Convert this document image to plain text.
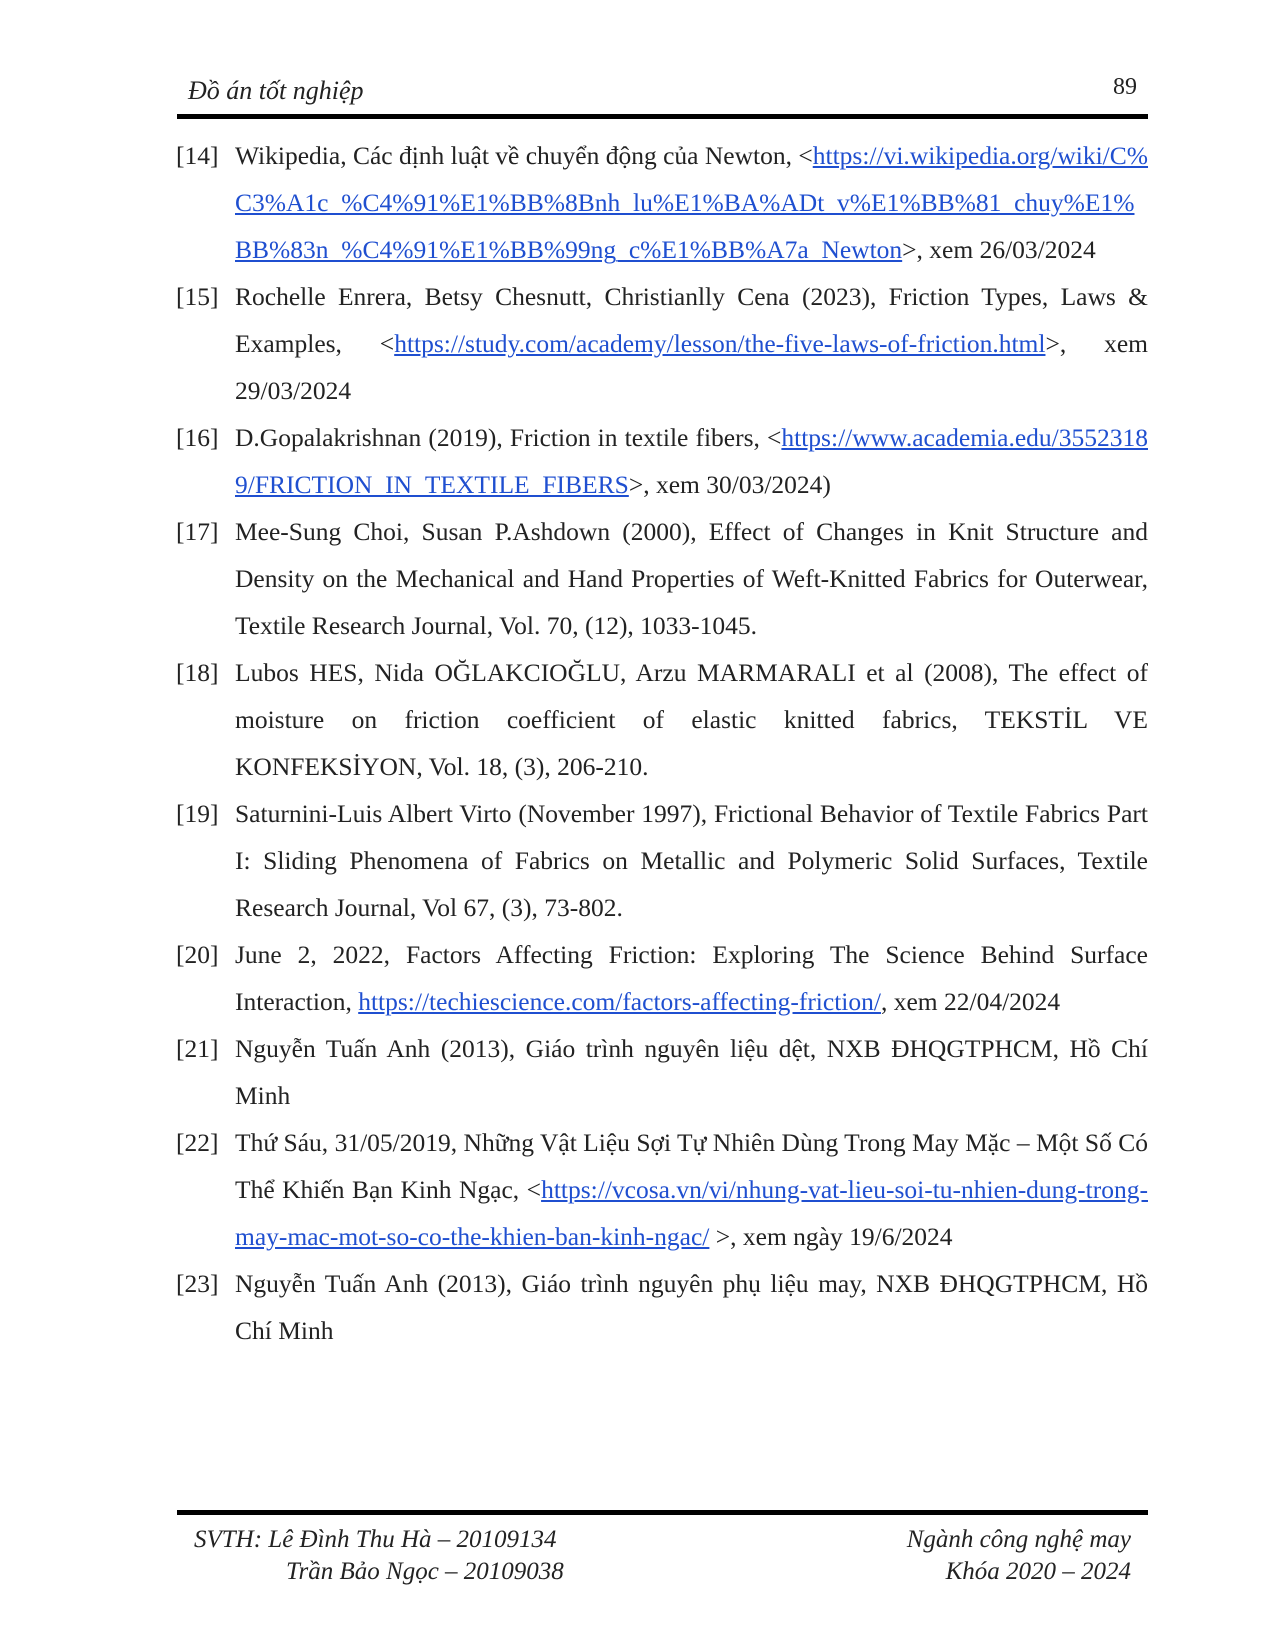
Đồ án tốt nghiệp	89

[14] Wikipedia, Các định luật về chuyển động của Newton, <https://vi.wikipedia.org/wiki/C%C3%A1c_%C4%91%E1%BB%8Bnh_lu%E1%BA%ADt_v%E1%BB%81_chuy%E1%BB%83n_%C4%91%E1%BB%99ng_c%E1%BB%A7a_Newton>, xem 26/03/2024

[15] Rochelle Enrera, Betsy Chesnutt, Christianlly Cena (2023), Friction Types, Laws & Examples, <https://study.com/academy/lesson/the-five-laws-of-friction.html>, xem 29/03/2024

[16] D.Gopalakrishnan (2019), Friction in textile fibers, <https://www.academia.edu/35523189/FRICTION_IN_TEXTILE_FIBERS>, xem 30/03/2024)

[17] Mee-Sung Choi, Susan P.Ashdown (2000), Effect of Changes in Knit Structure and Density on the Mechanical and Hand Properties of Weft-Knitted Fabrics for Outerwear, Textile Research Journal, Vol. 70, (12), 1033-1045.

[18] Lubos HES, Nida OĞLAKCIOĞLU, Arzu MARMARALI et al (2008), The effect of moisture on friction coefficient of elastic knitted fabrics, TEKSTİL VE KONFEKSİYON, Vol. 18, (3), 206-210.

[19] Saturnini-Luis Albert Virto (November 1997), Frictional Behavior of Textile Fabrics Part I: Sliding Phenomena of Fabrics on Metallic and Polymeric Solid Surfaces, Textile Research Journal, Vol 67, (3), 73-802.

[20] June 2, 2022, Factors Affecting Friction: Exploring The Science Behind Surface Interaction, https://techiescience.com/factors-affecting-friction/, xem 22/04/2024

[21] Nguyễn Tuấn Anh (2013), Giáo trình nguyên liệu dệt, NXB ĐHQGTPHCM, Hồ Chí Minh

[22] Thứ Sáu, 31/05/2019, Những Vật Liệu Sợi Tự Nhiên Dùng Trong May Mặc – Một Số Có Thể Khiến Bạn Kinh Ngạc, <https://vcosa.vn/vi/nhung-vat-lieu-soi-tu-nhien-dung-trong-may-mac-mot-so-co-the-khien-ban-kinh-ngac/ >, xem ngày 19/6/2024

[23] Nguyễn Tuấn Anh (2013), Giáo trình nguyên phụ liệu may, NXB ĐHQGTPHCM, Hồ Chí Minh

SVTH: Lê Đình Thu Hà – 20109134
Trần Bảo Ngọc – 20109038
Ngành công nghệ may
Khóa 2020 – 2024
